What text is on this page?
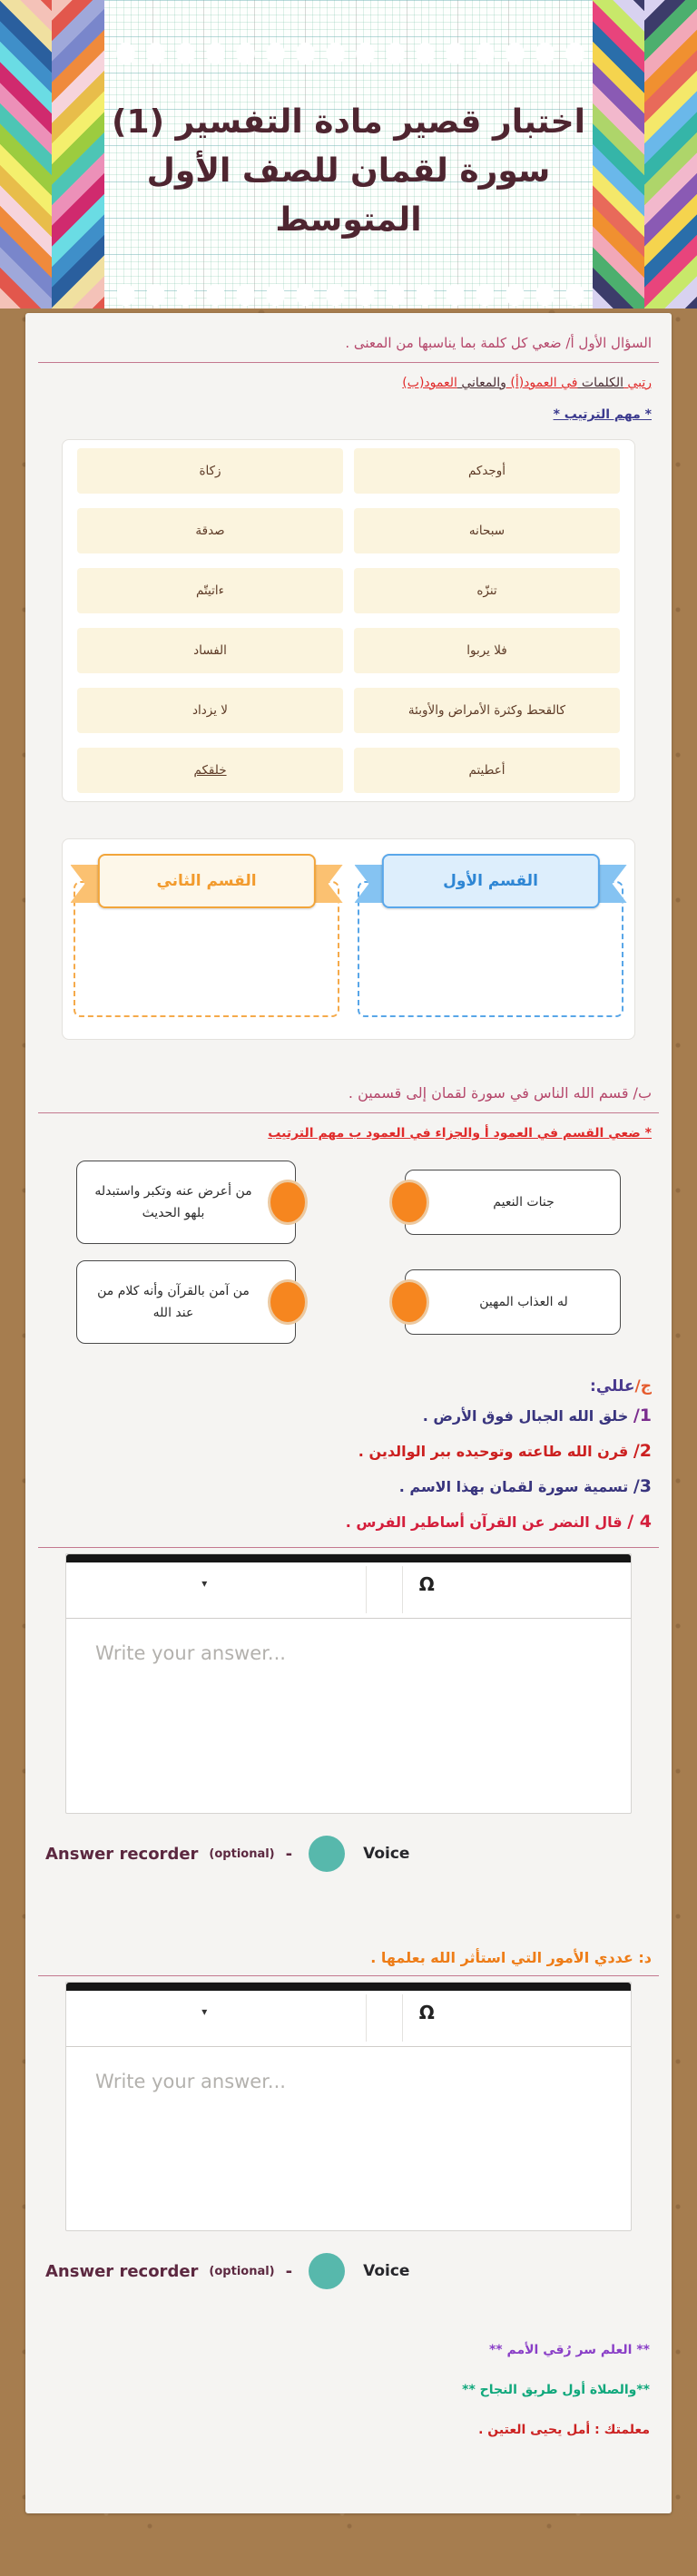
اختبار قصير مادة التفسير (1)
سورة لقمان للصف الأول
المتوسط

السؤال الأول أ/ ضعي كل كلمة بما يناسبها من المعنى .

رتبي الكلمات في العمود(أ) والمعاني العمود(ب)

* مهم الترتيب *

أوجدكم
زكاة
سبحانه
صدقة
تنزّه
ءاتيتّم
فلا يربوا
الفساد
كالقحط وكثرة الأمراض والأوبئة
لا يزداد
أعطيتم
خلقكم
القسم الأول
القسم الثاني

ب/ قسم الله الناس في سورة لقمان إلى قسمين .

* ضعي القسم في العمود أ والجزاء في العمود ب مهم الترتيب

جنات النعيم
من أعرض عنه وتكبر واستبدله بلهو الحديث
له العذاب المهين
من آمن بالقرآن وأنه كلام من عند الله

ج/عللي:

1/ خلق الله الجبال فوق الأرض .

2/ قرن الله طاعته وتوحيده ببر الوالدين .

3/ تسمية سورة لقمان بهذا الاسم .

4 / قال النضر عن القرآن أساطير الفرس .

▾	Ω
Write your answer...
Answer recorder (optional) -	Voice

د: عددي الأمور التي استأثر الله بعلمها .

▾	Ω
Write your answer...
Answer recorder (optional) -	Voice

** العلم سر رُقي الأمم **

**والصلاة أول طريق النجاح **

معلمتك : أمل يحيى العتين .
